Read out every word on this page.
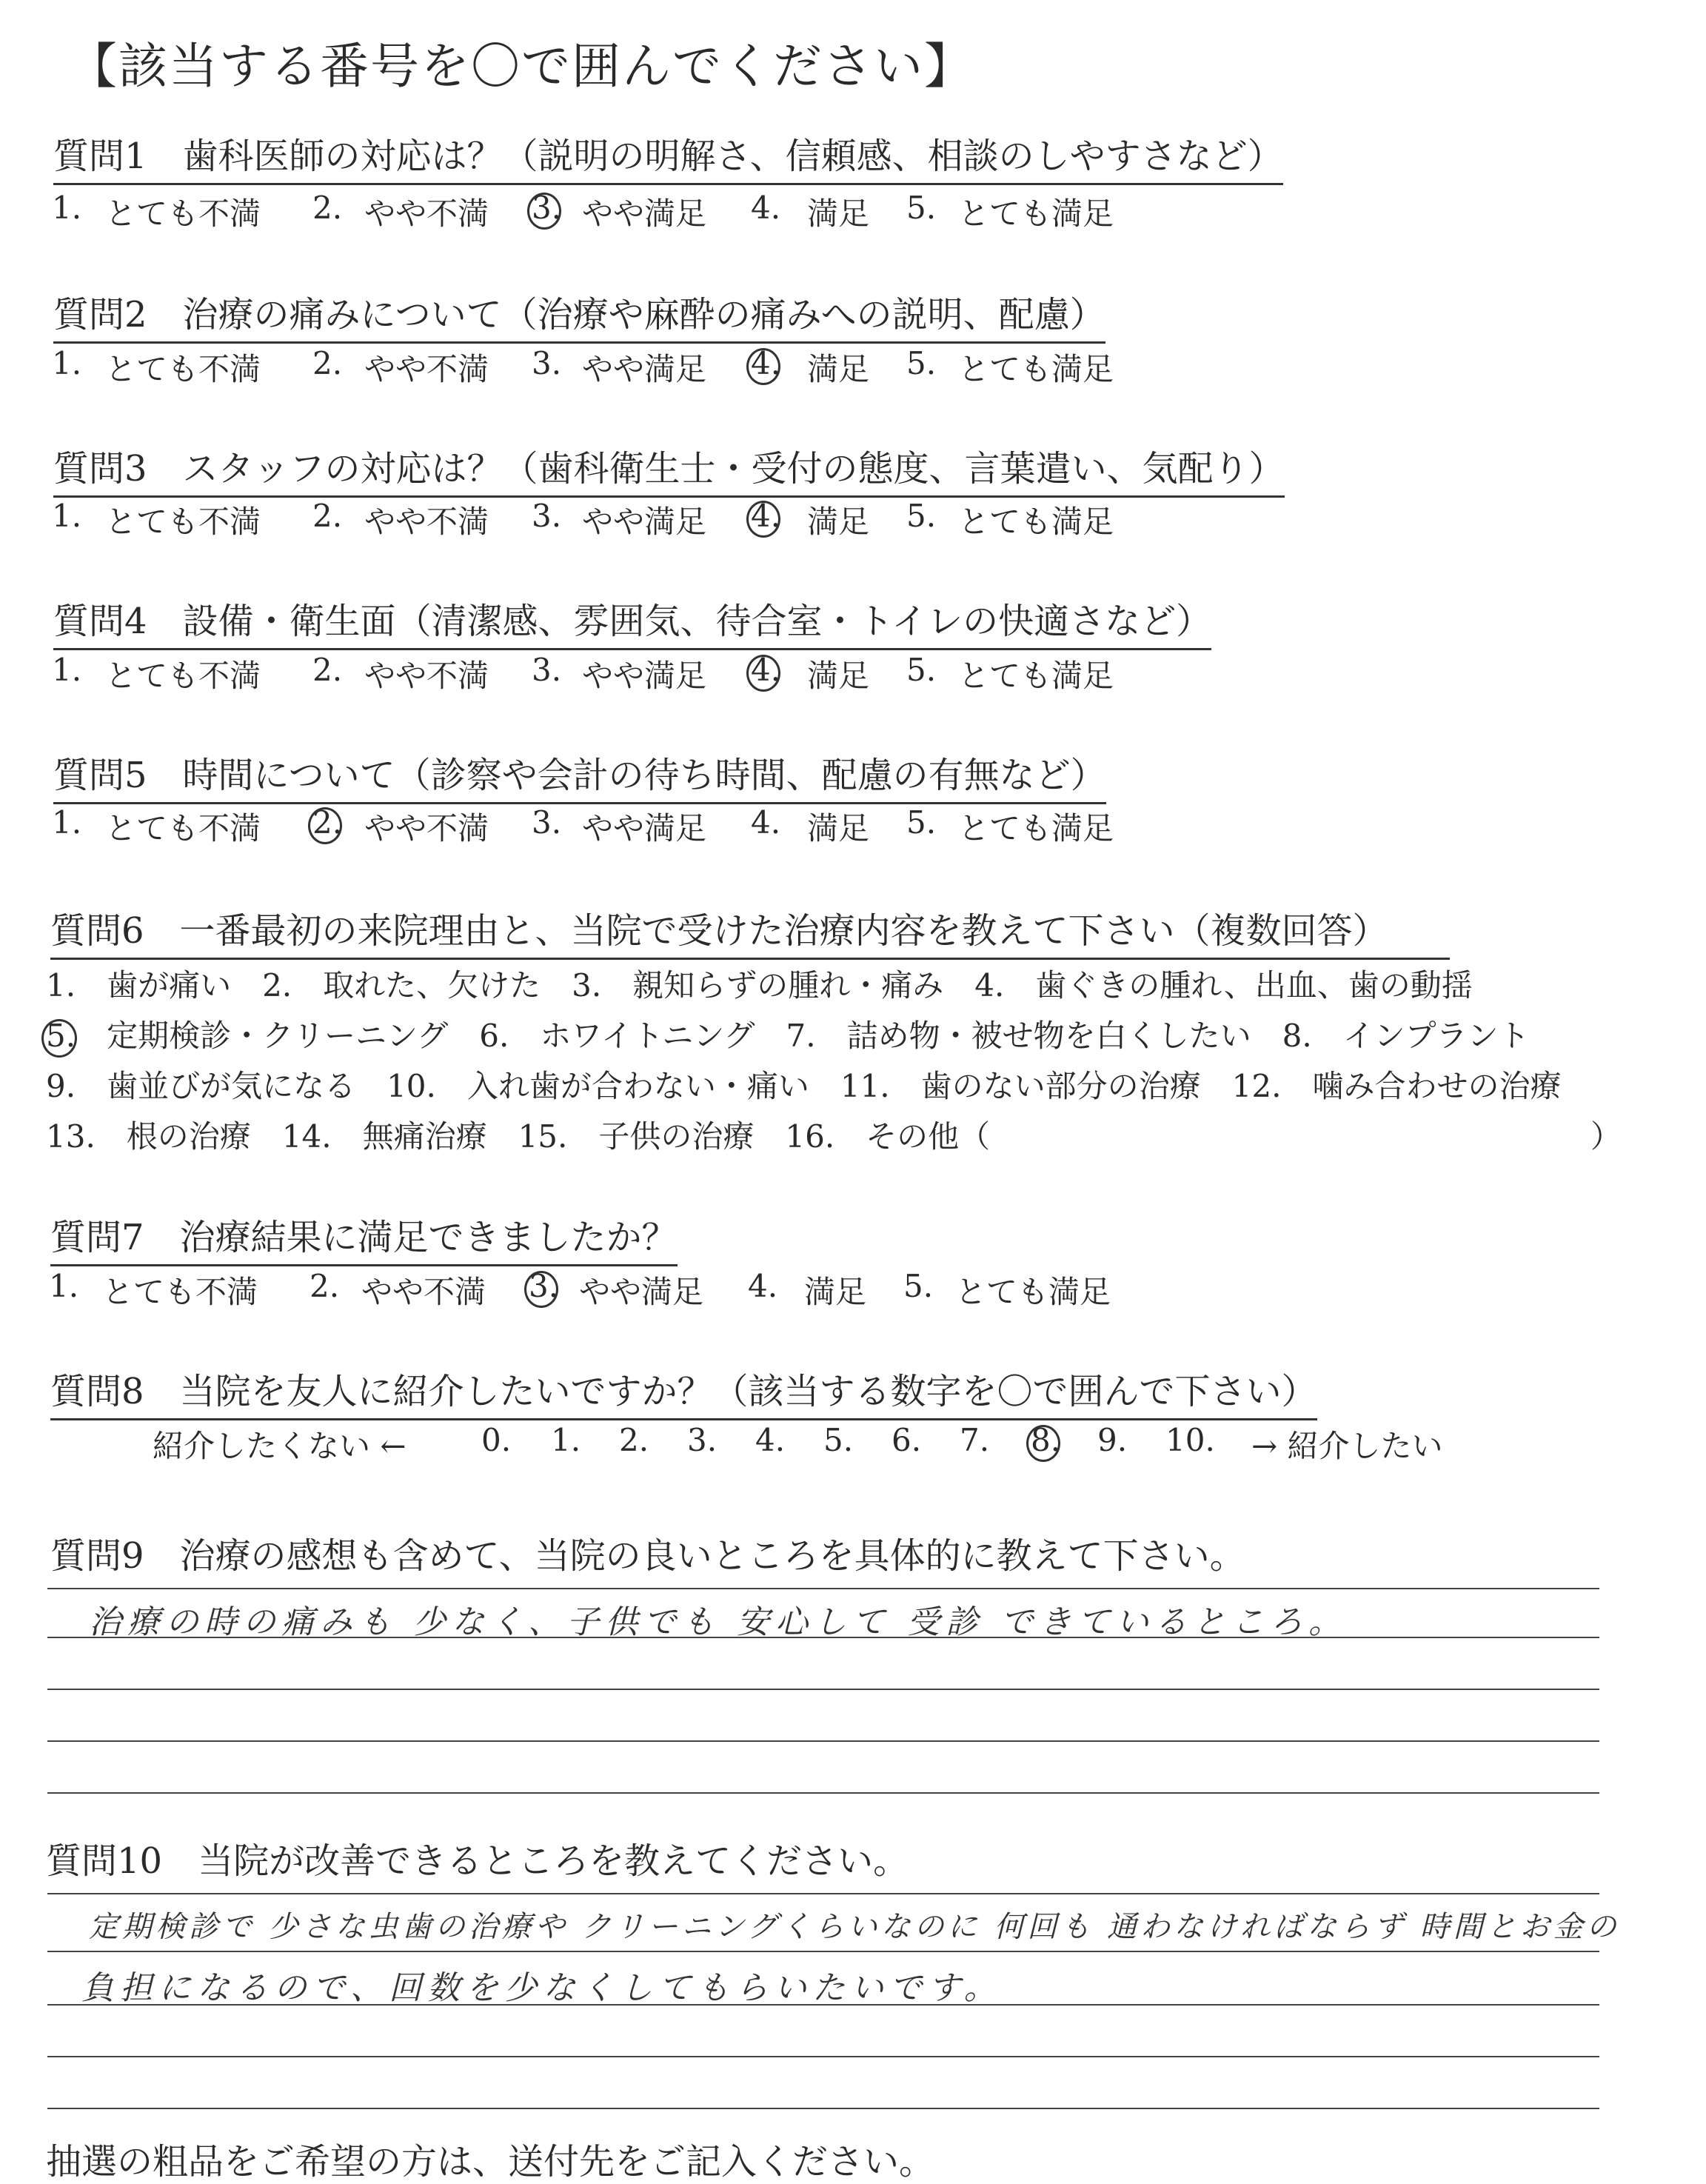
【該当する番号を〇で囲んでください】
質問1　歯科医師の対応は？（説明の明解さ、信頼感、相談のしやすさなど）
1. とても不満 2. やや不満 3. やや満足 4. 満足 5. とても満足
質問2　治療の痛みについて（治療や麻酔の痛みへの説明、配慮）
1. とても不満 2. やや不満 3. やや満足 4. 満足 5. とても満足
質問3　スタッフの対応は？（歯科衛生士・受付の態度、言葉遣い、気配り）
1. とても不満 2. やや不満 3. やや満足 4. 満足 5. とても満足
質問4　設備・衛生面（清潔感、雰囲気、待合室・トイレの快適さなど）
1. とても不満 2. やや不満 3. やや満足 4. 満足 5. とても満足
質問5　時間について（診察や会計の待ち時間、配慮の有無など）
1. とても不満 2. やや不満 3. やや満足 4. 満足 5. とても満足
質問6　一番最初の来院理由と、当院で受けた治療内容を教えて下さい（複数回答）
1.　歯が痛い　2.　取れた、欠けた　3.　親知らずの腫れ・痛み　4.　歯ぐきの腫れ、出血、歯の動揺
5.　定期検診・クリーニング　6.　ホワイトニング　7.　詰め物・被せ物を白くしたい　8.　インプラント
9.　歯並びが気になる　10.　入れ歯が合わない・痛い　11.　歯のない部分の治療　12.　噛み合わせの治療
13.　根の治療　14.　無痛治療　15.　子供の治療　16.　その他（	）
質問7　治療結果に満足できましたか？
1. とても不満 2. やや不満 3. やや満足 4. 満足 5. とても満足
質問8　当院を友人に紹介したいですか？（該当する数字を〇で囲んで下さい）
紹介したくない ← 0. 1. 2. 3. 4. 5. 6. 7. 8. 9. 10. → 紹介したい
質問9　治療の感想も含めて、当院の良いところを具体的に教えて下さい。
治療の時の痛みも 少なく、子供でも 安心して 受診 できているところ。
質問10　当院が改善できるところを教えてください。
定期検診で 少さな虫歯の治療や クリーニングくらいなのに 何回も 通わなければならず 時間とお金の
負担になるので、回数を少なくしてもらいたいです。
抽選の粗品をご希望の方は、送付先をご記入ください。
